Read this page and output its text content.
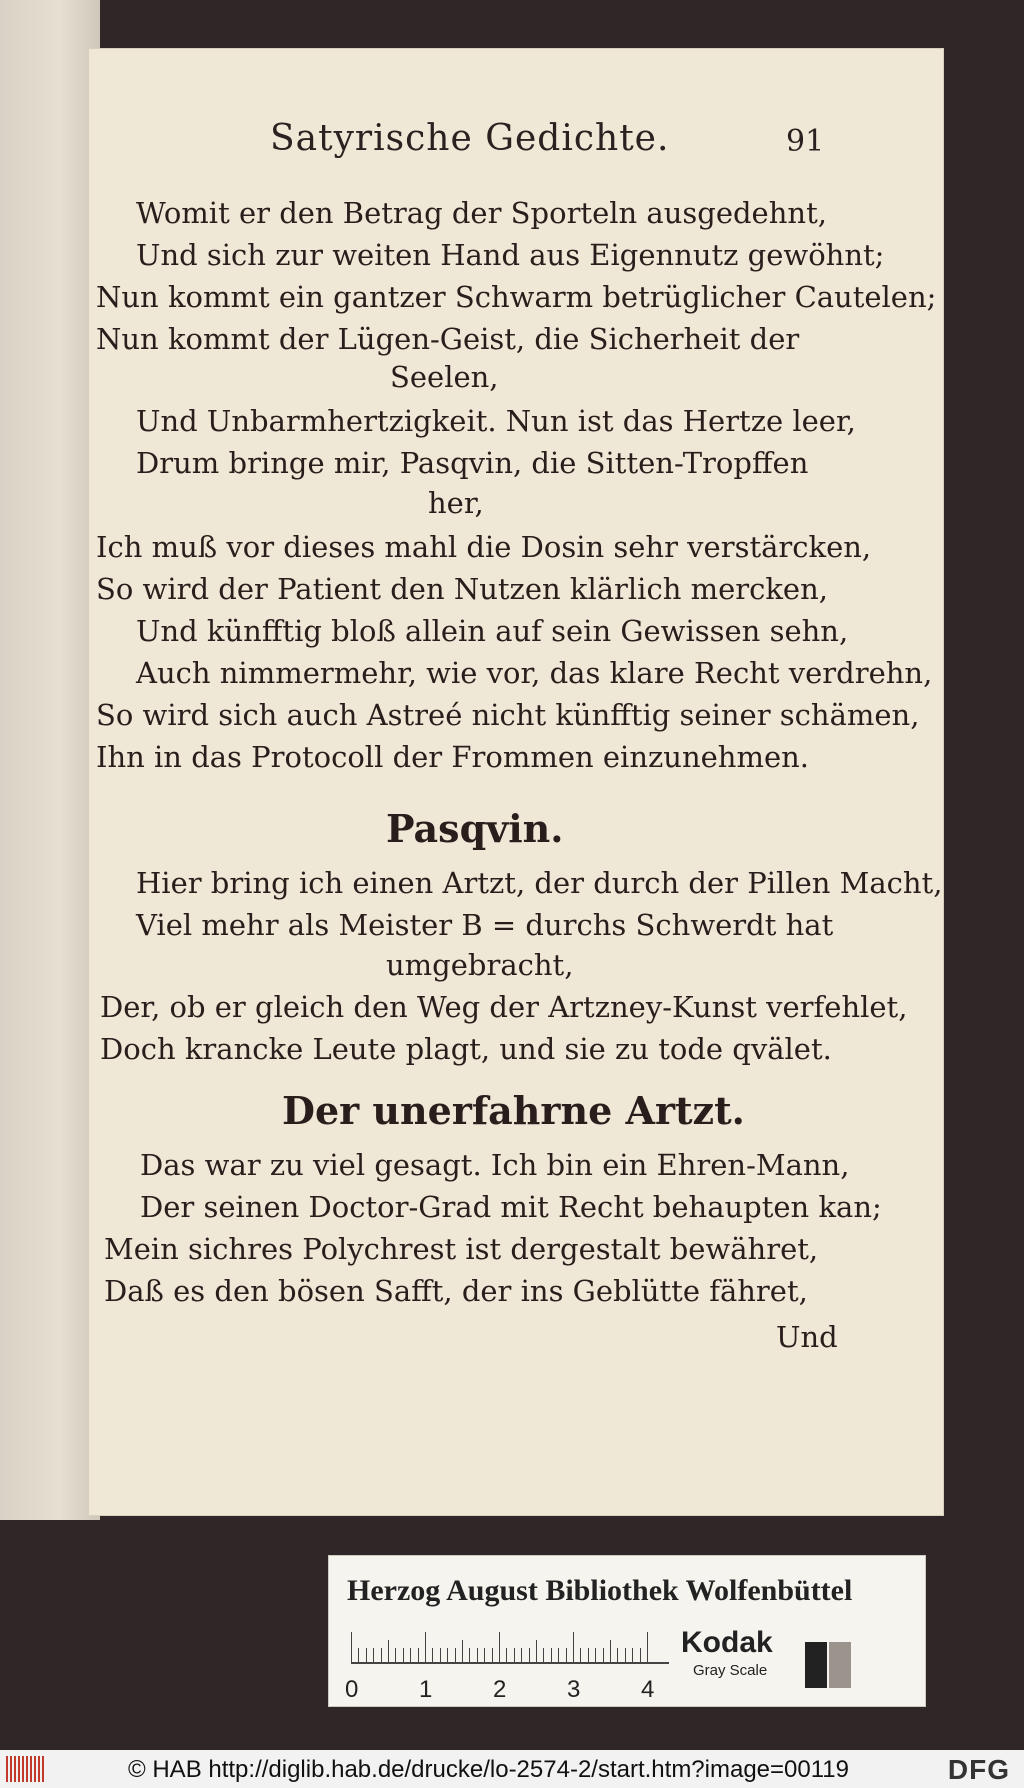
Satyrische Gedichte.	91
Womit er den Betrag der Sporteln ausgedehnt,
Und sich zur weiten Hand aus Eigennutz gewöhnt;
Nun kommt ein gantzer Schwarm betrüglicher Cautelen;
Nun kommt der Lügen-Geist, die Sicherheit der
Seelen,
Und Unbarmhertzigkeit. Nun ist das Hertze leer,
Drum bringe mir, Pasqvin, die Sitten-Tropffen
her,
Ich muß vor dieses mahl die Dosin sehr verstärcken,
So wird der Patient den Nutzen klärlich mercken,
Und künfftig bloß allein auf sein Gewissen sehn,
Auch nimmermehr, wie vor, das klare Recht verdrehn,
So wird sich auch Astreé nicht künfftig seiner schämen,
Ihn in das Protocoll der Frommen einzunehmen.
Pasqvin.
Hier bring ich einen Artzt, der durch der Pillen Macht,
Viel mehr als Meister B = durchs Schwerdt hat
umgebracht,
Der, ob er gleich den Weg der Artzney-Kunst verfehlet,
Doch krancke Leute plagt, und sie zu tode qvälet.
Der unerfahrne Artzt.
Das war zu viel gesagt. Ich bin ein Ehren-Mann,
Der seinen Doctor-Grad mit Recht behaupten kan;
Mein sichres Polychrest ist dergestalt bewähret,
Daß es den bösen Safft, der ins Geblütte fähret,
Und
Herzog August Bibliothek Wolfenbüttel
0	1	2	3	4
Kodak
Gray Scale
© HAB http://diglib.hab.de/drucke/lo-2574-2/start.htm?image=00119	DFG
